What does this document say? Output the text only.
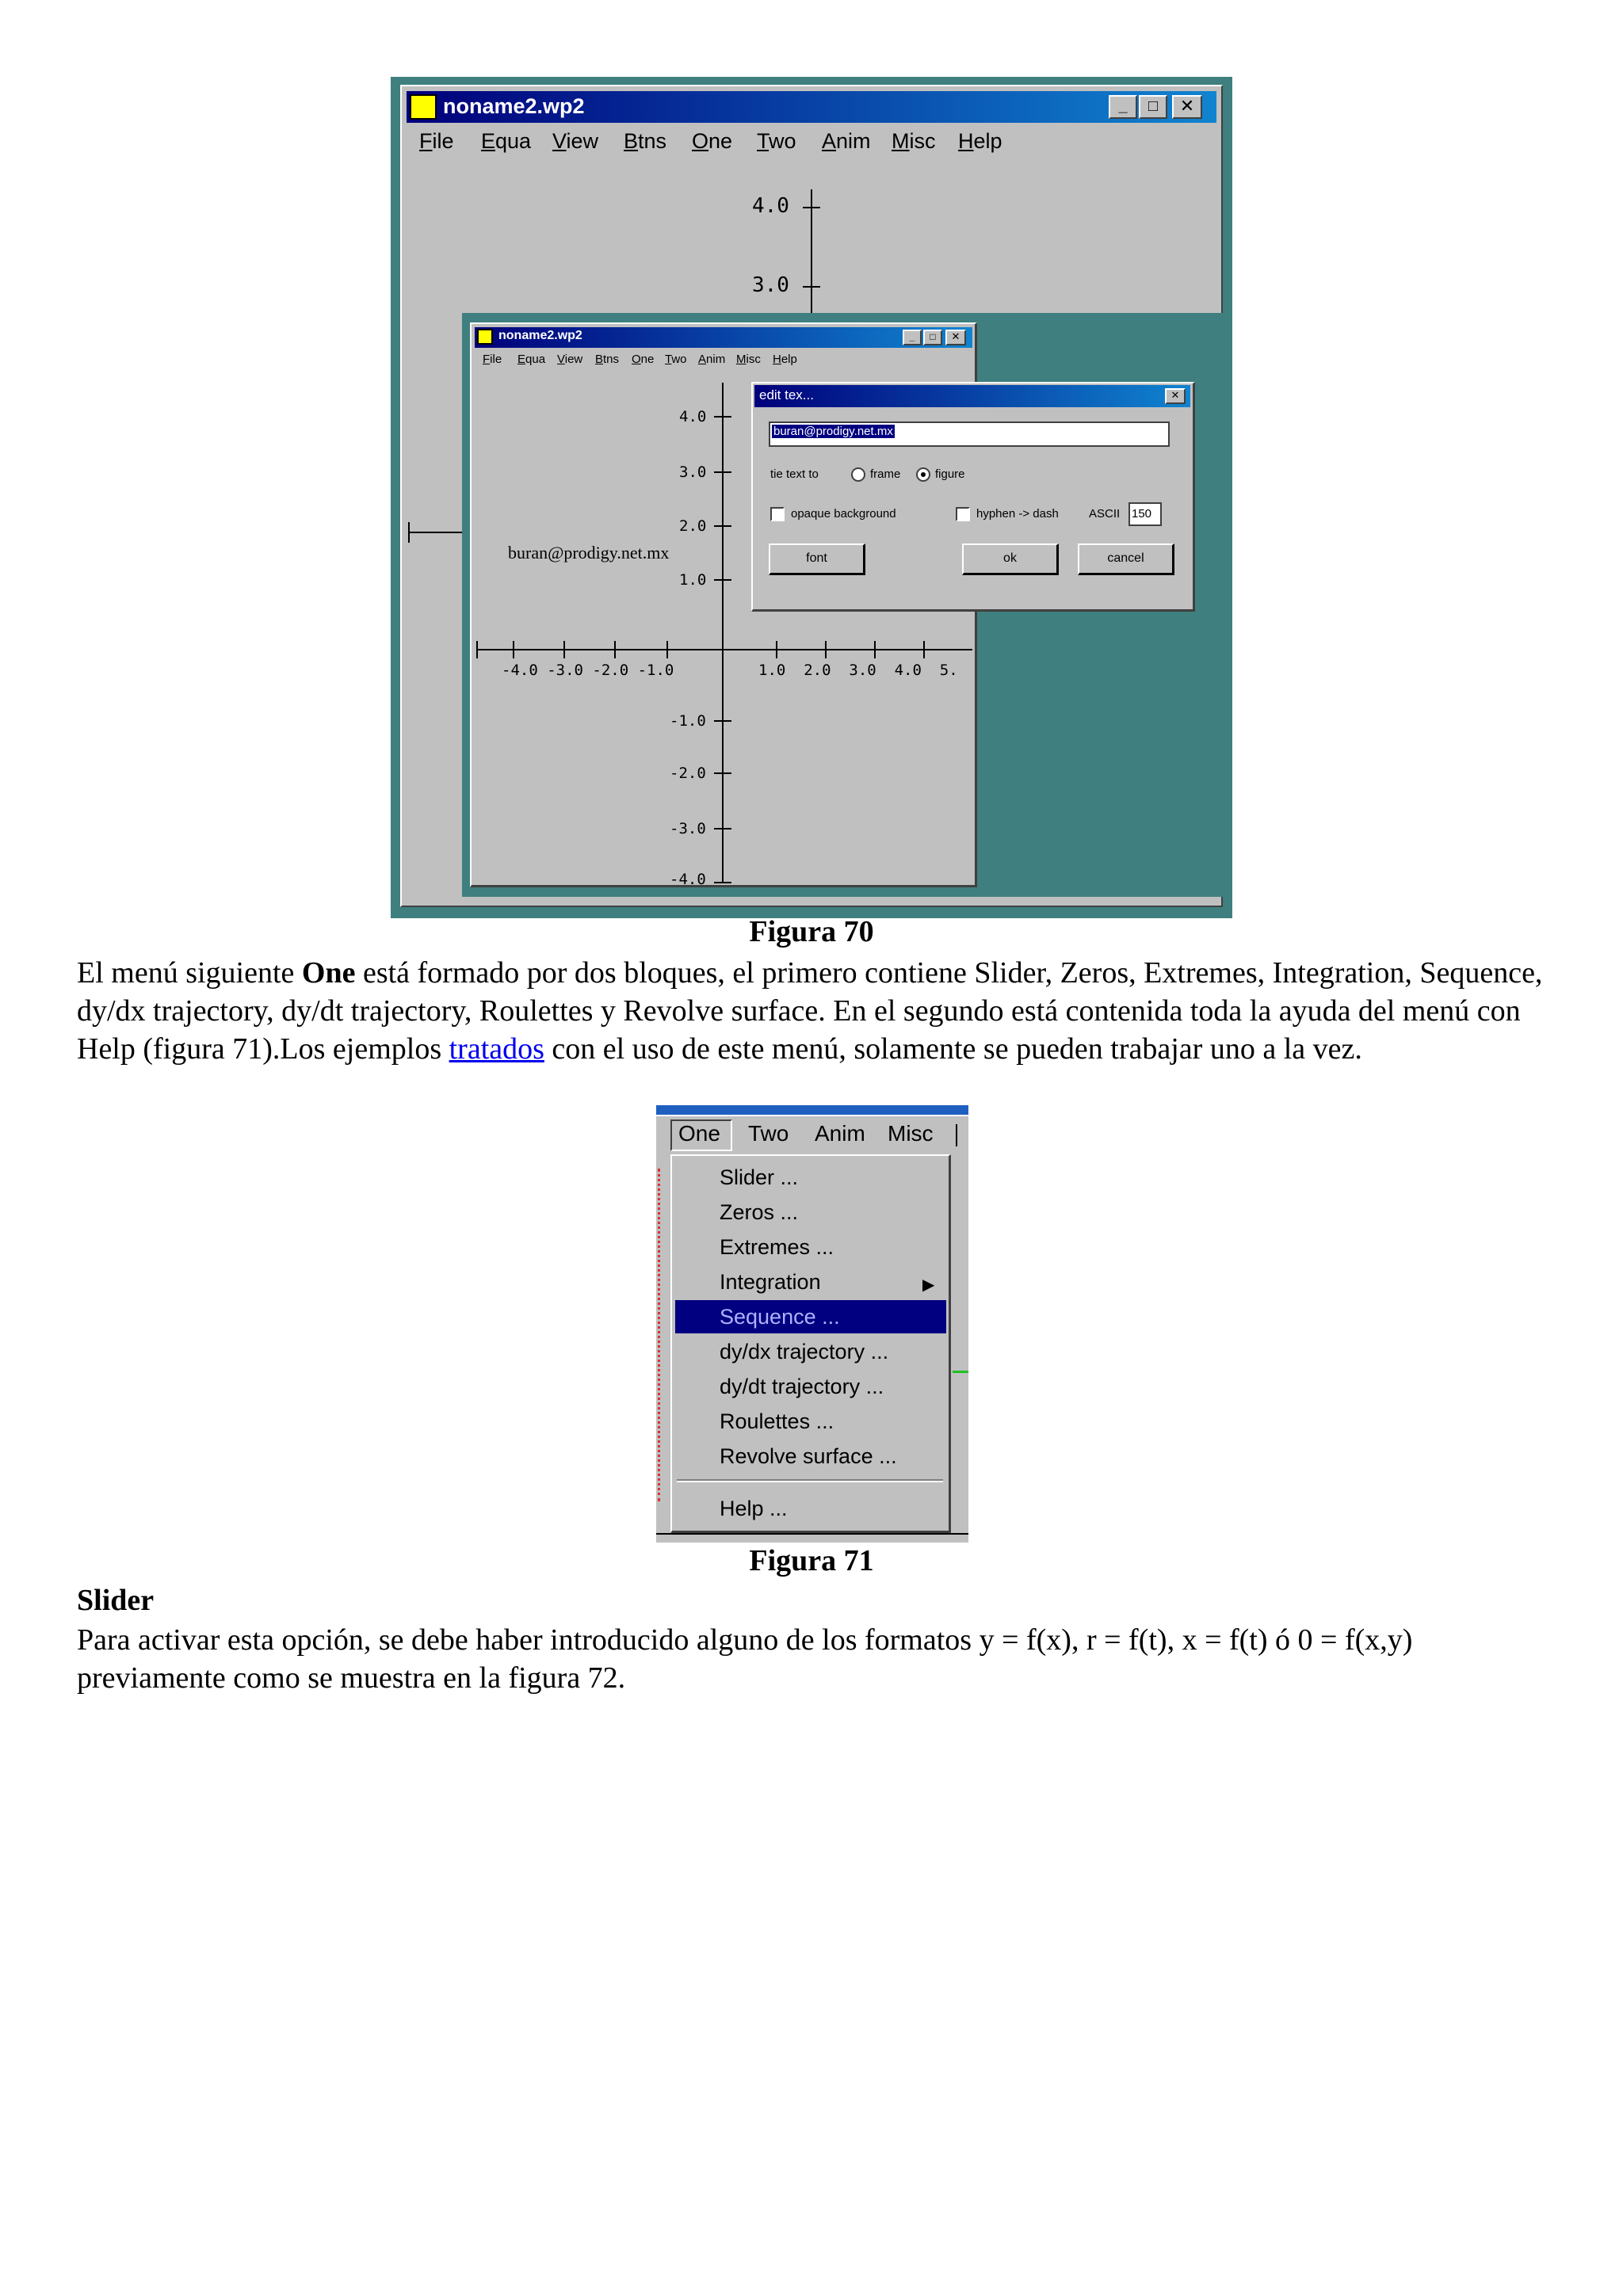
noname2.wp2	_	□	✕
File Equa View Btns One Two Anim Misc Help
4.0
3.0
noname2.wp2	_	□	✕
File Equa View Btns One Two Anim Misc Help
4.0
3.0
2.0
1.0
-1.0
-2.0
-3.0
-4.0
-4.0 -3.0 -2.0 -1.0	1.0  2.0  3.0  4.0  5.
buran@prodigy.net.mx
edit tex...	✕
buran@prodigy.net.mx
tie text to	frame	figure
opaque background	hyphen -> dash	ASCII 150
font	ok	cancel
Figura 70
El menú siguiente One está formado por dos bloques, el primero contiene Slider, Zeros, Extremes, Integration, Sequence, dy/dx trajectory, dy/dt trajectory, Roulettes y Revolve surface. En el segundo está contenida toda la ayuda del menú con Help (figura 71).Los ejemplos tratados con el uso de este menú, solamente se pueden trabajar uno a la vez.
One Two Anim Misc
Slider ...
Zeros ...
Extremes ...
Integration	▶
Sequence ...
dy/dx trajectory ...
dy/dt trajectory ...
Roulettes ...
Revolve surface ...
Help ...
Figura 71
Slider
Para activar esta opción, se debe haber introducido alguno de los formatos y = f(x), r = f(t), x = f(t) ó 0 = f(x,y) previamente como se muestra en la figura 72.
